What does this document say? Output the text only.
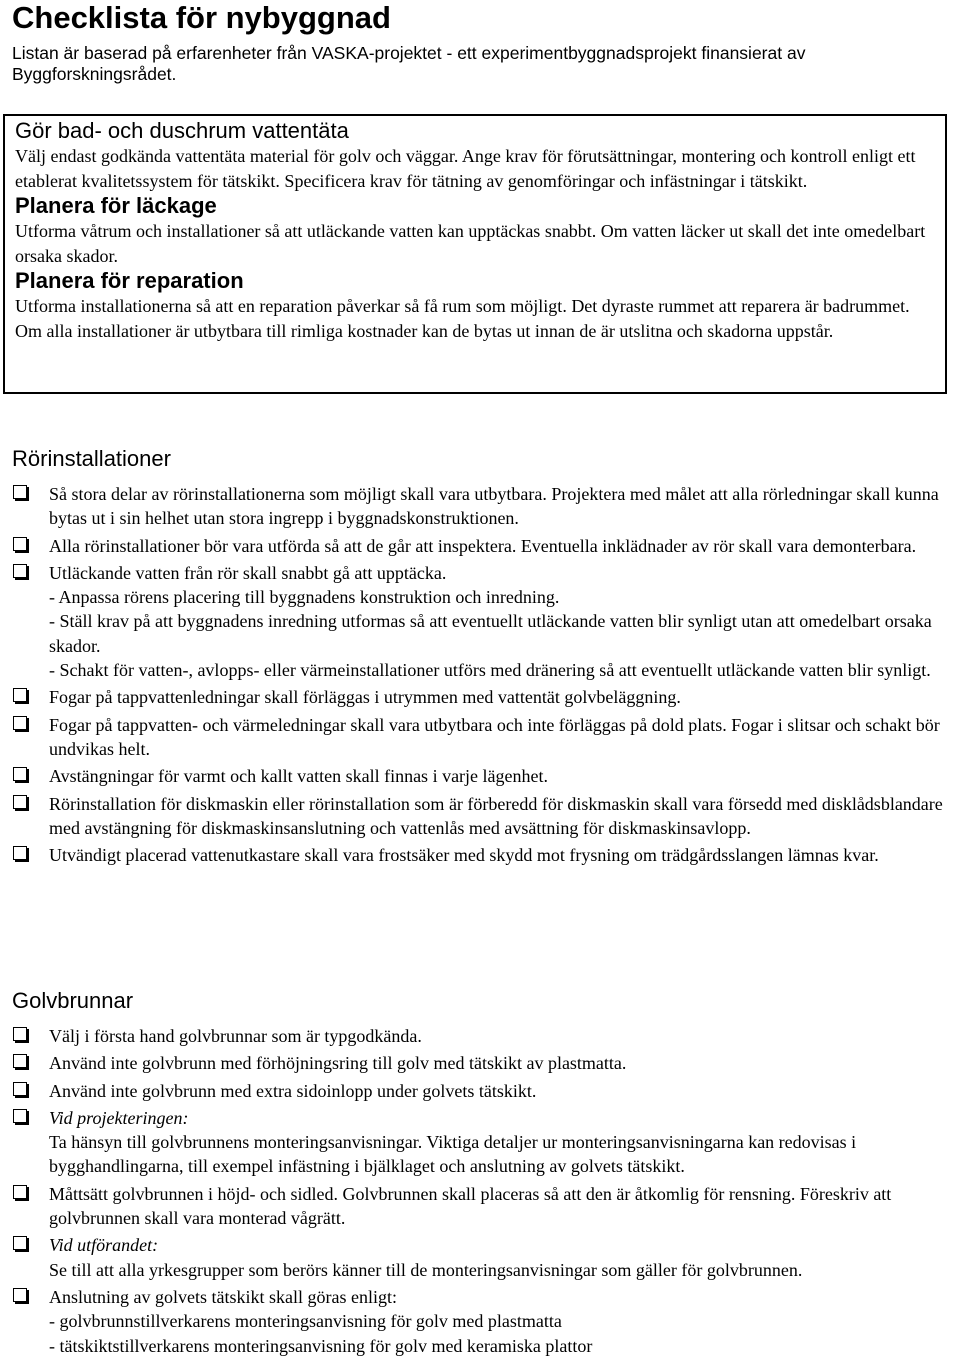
Checklista för nybyggnad

Listan är baserad på erfarenheter från VASKA-projektet - ett experimentbyggnadsprojekt finansierat av Byggforskningsrådet.

Gör bad- och duschrum vattentäta

Välj endast godkända vattentäta material för golv och väggar. Ange krav för förutsättningar, montering och kontroll enligt ett etablerat kvalitetssystem för tätskikt. Specificera krav för tätning av genomföringar och infästningar i tätskikt.

Planera för läckage

Utforma våtrum och installationer så att utläckande vatten kan upptäckas snabbt. Om vatten läcker ut skall det inte omedelbart orsaka skador.

Planera för reparation

Utforma installationerna så att en reparation påverkar så få rum som möjligt. Det dyraste rummet att reparera är badrummet. Om alla installationer är utbytbara till rimliga kostnader kan de bytas ut innan de är utslitna och skadorna uppstår.

Rörinstallationer
Så stora delar av rörinstallationerna som möjligt skall vara utbytbara. Projektera med målet att alla rörledningar skall kunna bytas ut i sin helhet utan stora ingrepp i byggnadskonstruktionen.
Alla rörinstallationer bör vara utförda så att de går att inspektera. Eventuella inklädnader av rör skall vara demonterbara.
Utläckande vatten från rör skall snabbt gå att upptäcka.
- Anpassa rörens placering till byggnadens konstruktion och inredning.
- Ställ krav på att byggnadens inredning utformas så att eventuellt utläckande vatten blir synligt utan att omedelbart orsaka skador.
- Schakt för vatten-, avlopps- eller värmeinstallationer utförs med dränering så att eventuellt utläckande vatten blir synligt.
Fogar på tappvattenledningar skall förläggas i utrymmen med vattentät golvbeläggning.
Fogar på tappvatten- och värmeledningar skall vara utbytbara och inte förläggas på dold plats. Fogar i slitsar och schakt bör undvikas helt.
Avstängningar för varmt och kallt vatten skall finnas i varje lägenhet.
Rörinstallation för diskmaskin eller rörinstallation som är förberedd för diskmaskin skall vara försedd med disklådsblandare med avstängning för diskmaskinsanslutning och vattenlås med avsättning för diskmaskinsavlopp.
Utvändigt placerad vattenutkastare skall vara frostsäker med skydd mot frysning om trädgårdsslangen lämnas kvar.
Golvbrunnar
Välj i första hand golvbrunnar som är typgodkända.
Använd inte golvbrunn med förhöjningsring till golv med tätskikt av plastmatta.
Använd inte golvbrunn med extra sidoinlopp under golvets tätskikt.
Vid projekteringen:
Ta hänsyn till golvbrunnens monteringsanvisningar. Viktiga detaljer ur monteringsanvisningarna kan redovisas i bygghandlingarna, till exempel infästning i bjälklaget och anslutning av golvets tätskikt.
Måttsätt golvbrunnen i höjd- och sidled. Golvbrunnen skall placeras så att den är åtkomlig för rensning. Föreskriv att golvbrunnen skall vara monterad vågrätt.
Vid utförandet:
Se till att alla yrkesgrupper som berörs känner till de monteringsanvisningar som gäller för golvbrunnen.
Anslutning av golvets tätskikt skall göras enligt:
- golvbrunnstillverkarens monteringsanvisning för golv med plastmatta
- tätskiktstillverkarens monteringsanvisning för golv med keramiska plattor
